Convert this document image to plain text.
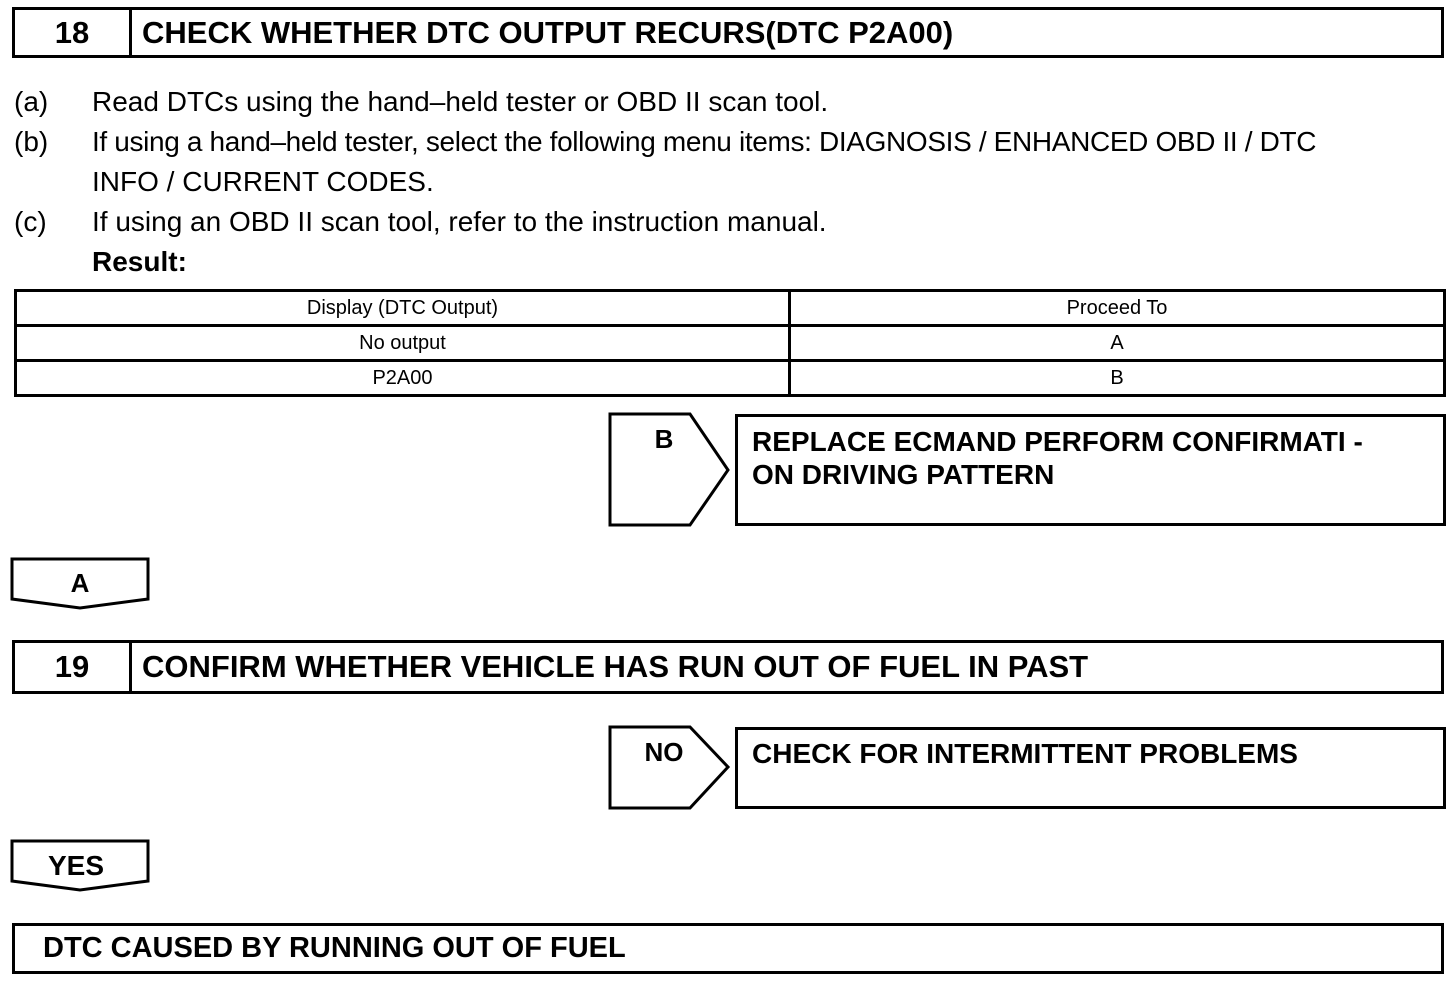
18	CHECK WHETHER DTC OUTPUT RECURS(DTC P2A00)
(a) Read DTCs using the hand–held tester or OBD II scan tool.
(b) If using a hand–held tester, select the following menu items: DIAGNOSIS / ENHANCED OBD II / DTC
INFO / CURRENT CODES.
(c) If using an OBD II scan tool, refer to the instruction manual.
Result:
Display (DTC Output)	Proceed To
No output	A
P2A00	B
B	REPLACE ECMAND PERFORM CONFIRMATI -
ON DRIVING PATTERN
A
19	CONFIRM WHETHER VEHICLE HAS RUN OUT OF FUEL IN PAST
NO CHECK FOR INTERMITTENT PROBLEMS
YES
DTC CAUSED BY RUNNING OUT OF FUEL
